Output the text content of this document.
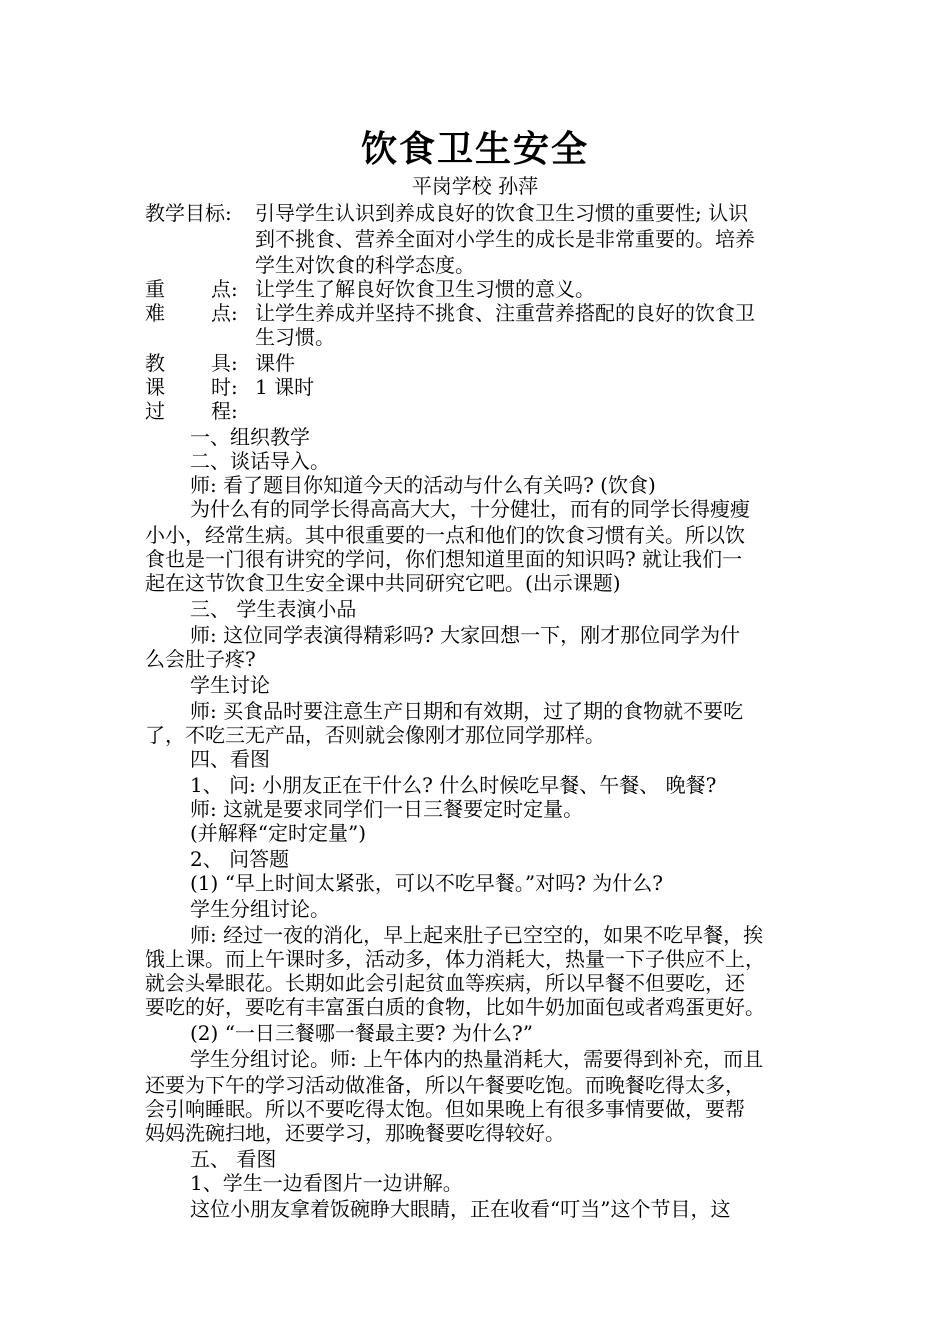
饮食卫生安全
平岗学校 孙萍
教学目标: 引导学生认识到养成良好的饮食卫生习惯的重要性; 认识
到不挑食、营养全面对小学生的成长是非常重要的。培养
学生对饮食的科学态度。
重 点: 让学生了解良好饮食卫生习惯的意义。
难 点: 让学生养成并坚持不挑食、注重营养搭配的良好的饮食卫
生习惯。
教 具: 课件
课 时: 1 课时
过 程:
一、组织教学
二、谈话导入。
师: 看了题目你知道今天的活动与什么有关吗? (饮食)
为什么有的同学长得高高大大，十分健壮，而有的同学长得瘦瘦
小小，经常生病。其中很重要的一点和他们的饮食习惯有关。所以饮
食也是一门很有讲究的学问，你们想知道里面的知识吗? 就让我们一
起在这节饮食卫生安全课中共同研究它吧。(出示课题)
三、 学生表演小品
师: 这位同学表演得精彩吗? 大家回想一下，刚才那位同学为什
么会肚子疼?
学生讨论
师: 买食品时要注意生产日期和有效期，过了期的食物就不要吃
了，不吃三无产品，否则就会像刚才那位同学那样。
四、看图
1、 问: 小朋友正在干什么? 什么时候吃早餐、午餐、 晚餐?
师: 这就是要求同学们一日三餐要定时定量。
(并解释“定时定量”)
2、 问答题
(1) “早上时间太紧张，可以不吃早餐。”对吗? 为什么?
学生分组讨论。
师: 经过一夜的消化，早上起来肚子已空空的，如果不吃早餐，挨
饿上课。而上午课时多，活动多，体力消耗大，热量一下子供应不上，
就会头晕眼花。长期如此会引起贫血等疾病，所以早餐不但要吃，还
要吃的好，要吃有丰富蛋白质的食物，比如牛奶加面包或者鸡蛋更好。
(2) “一日三餐哪一餐最主要? 为什么?”
学生分组讨论。师: 上午体内的热量消耗大，需要得到补充，而且
还要为下午的学习活动做准备，所以午餐要吃饱。而晚餐吃得太多，
会引响睡眠。所以不要吃得太饱。但如果晚上有很多事情要做，要帮
妈妈洗碗扫地，还要学习，那晚餐要吃得较好。
五、 看图
1、学生一边看图片一边讲解。
这位小朋友拿着饭碗睁大眼睛，正在收看“叮当”这个节目，这
